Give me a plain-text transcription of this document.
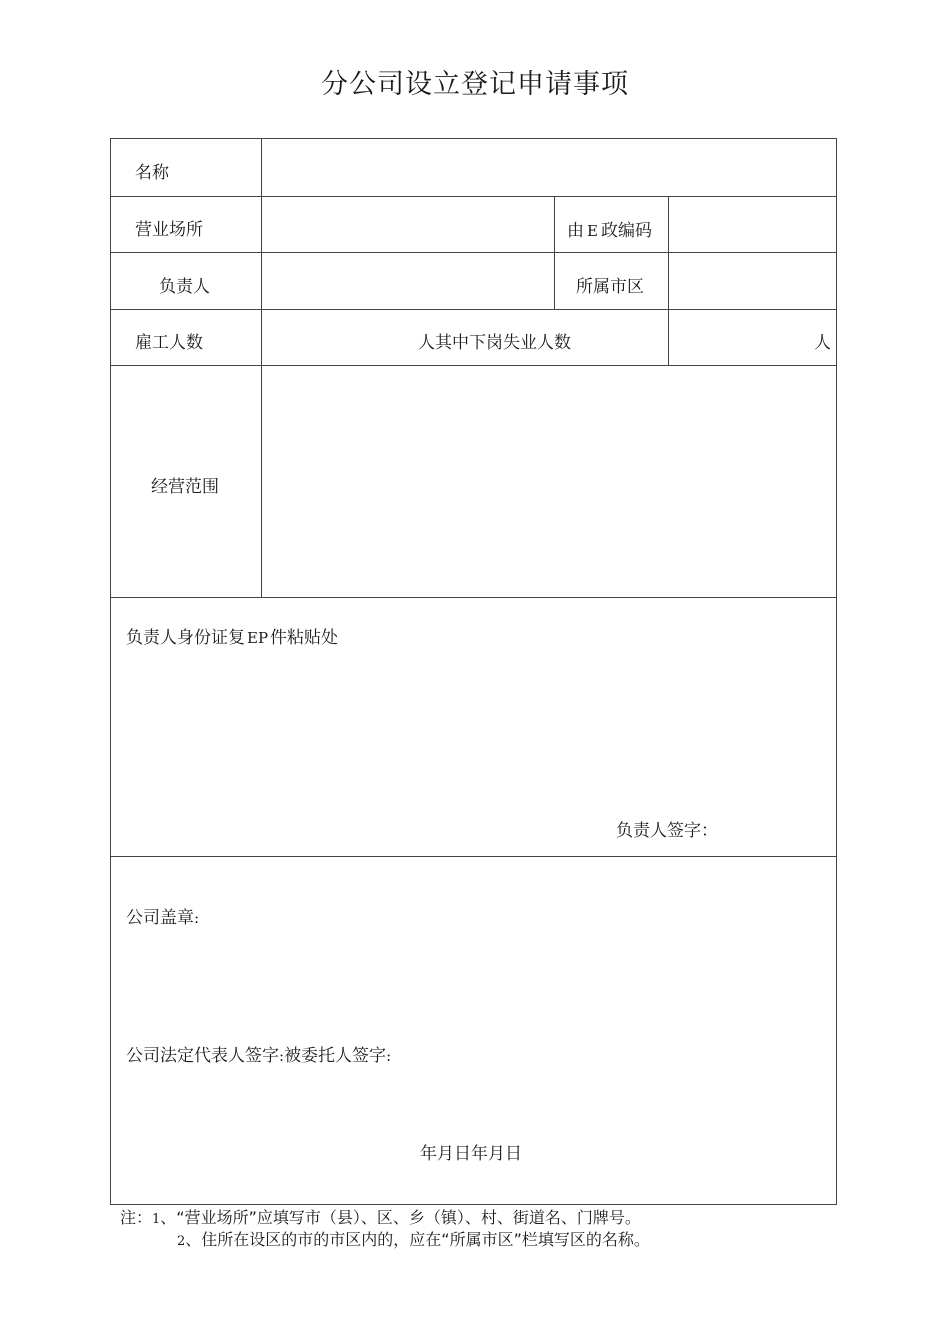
分公司设立登记申请事项
名称
营业场所	由 E 政编码
负责人	所属市区
雇工人数	人其中下岗失业人数	人
经营范围
负责人身份证复 EP 件粘贴处
负责人签字：
公司盖章:
公司法定代表人签字:被委托人签字:
年月日年月日
注：1、“营业场所”应填写市（县）、区、乡（镇）、村、街道名、门牌号。
2、住所在设区的市的市区内的，应在“所属市区”栏填写区的名称。
